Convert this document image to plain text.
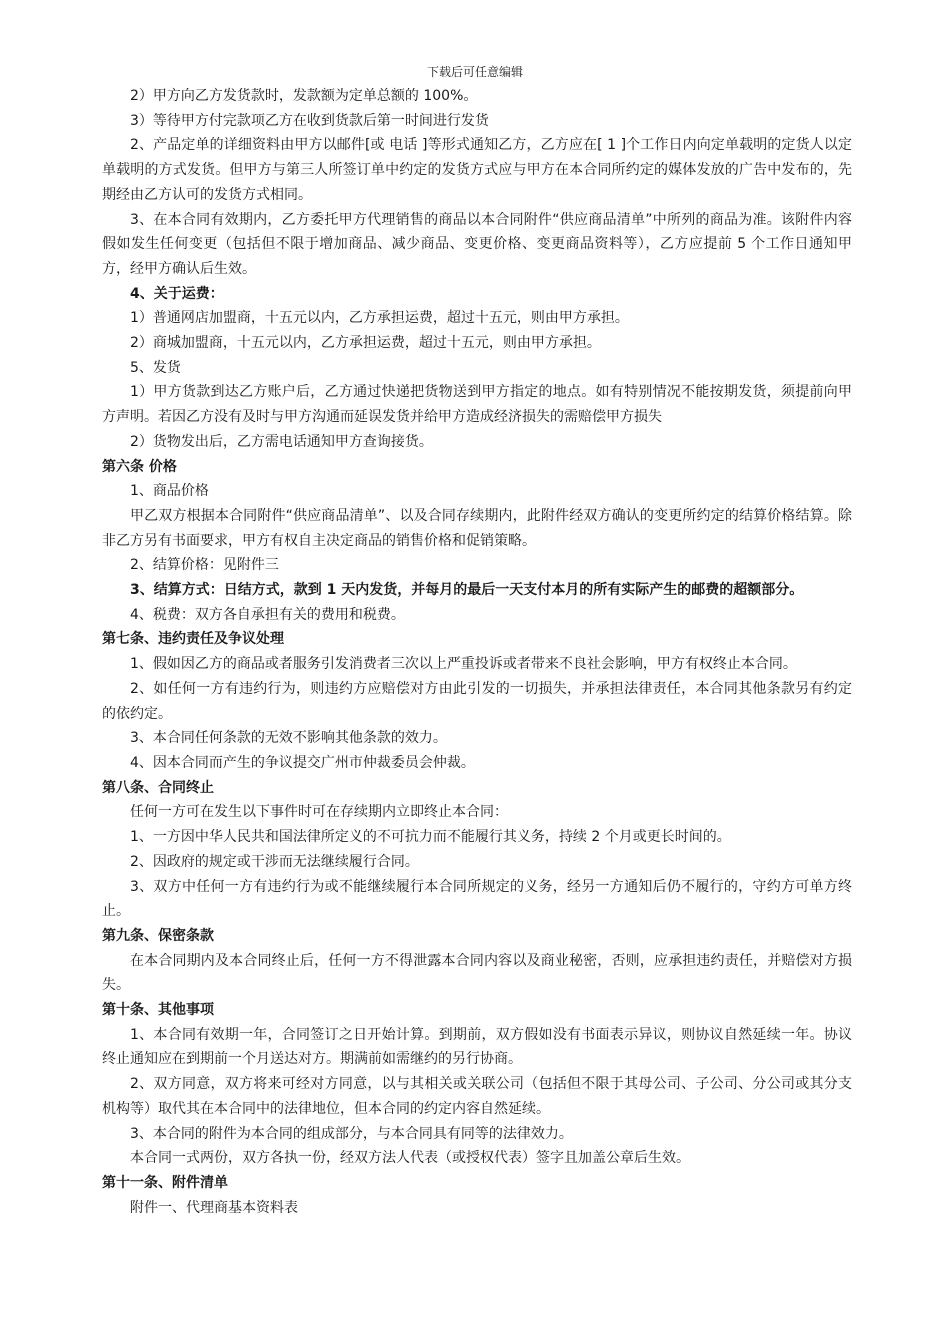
下载后可任意编辑

2）甲方向乙方发货款时，发款额为定单总额的 100%。

3）等待甲方付完款项乙方在收到货款后第一时间进行发货

2、产品定单的详细资料由甲方以邮件[或 电话 ]等形式通知乙方，乙方应在[ 1 ]个工作日内向定单载明的定货人以定单载明的方式发货。但甲方与第三人所签订单中约定的发货方式应与甲方在本合同所约定的媒体发放的广告中发布的，先期经由乙方认可的发货方式相同。

3、在本合同有效期内，乙方委托甲方代理销售的商品以本合同附件“供应商品清单”中所列的商品为准。该附件内容假如发生任何变更（包括但不限于增加商品、减少商品、变更价格、变更商品资料等），乙方应提前 5 个工作日通知甲方，经甲方确认后生效。

4、关于运费：

1）普通网店加盟商，十五元以内，乙方承担运费，超过十五元，则由甲方承担。

2）商城加盟商，十五元以内，乙方承担运费，超过十五元，则由甲方承担。

5、发货

1）甲方货款到达乙方账户后，乙方通过快递把货物送到甲方指定的地点。如有特别情况不能按期发货，须提前向甲方声明。若因乙方没有及时与甲方沟通而延误发货并给甲方造成经济损失的需赔偿甲方损失

2）货物发出后，乙方需电话通知甲方查询接货。

第六条 价格

1、商品价格

甲乙双方根据本合同附件“供应商品清单”、以及合同存续期内，此附件经双方确认的变更所约定的结算价格结算。除非乙方另有书面要求，甲方有权自主决定商品的销售价格和促销策略。

2、结算价格：见附件三

3、结算方式：日结方式，款到 1 天内发货，并每月的最后一天支付本月的所有实际产生的邮费的超额部分。

4、税费：双方各自承担有关的费用和税费。

第七条、违约责任及争议处理

1、假如因乙方的商品或者服务引发消费者三次以上严重投诉或者带来不良社会影响，甲方有权终止本合同。

2、如任何一方有违约行为，则违约方应赔偿对方由此引发的一切损失，并承担法律责任，本合同其他条款另有约定的依约定。

3、本合同任何条款的无效不影响其他条款的效力。

4、因本合同而产生的争议提交广州市仲裁委员会仲裁。

第八条、合同终止

任何一方可在发生以下事件时可在存续期内立即终止本合同：

1、一方因中华人民共和国法律所定义的不可抗力而不能履行其义务，持续 2 个月或更长时间的。

2、因政府的规定或干涉而无法继续履行合同。

3、双方中任何一方有违约行为或不能继续履行本合同所规定的义务，经另一方通知后仍不履行的，守约方可单方终止。

第九条、保密条款

在本合同期内及本合同终止后，任何一方不得泄露本合同内容以及商业秘密，否则，应承担违约责任，并赔偿对方损失。

第十条、其他事项

1、本合同有效期一年，合同签订之日开始计算。到期前，双方假如没有书面表示异议，则协议自然延续一年。协议终止通知应在到期前一个月送达对方。期满前如需继约的另行协商。

2、双方同意，双方将来可经对方同意，以与其相关或关联公司（包括但不限于其母公司、子公司、分公司或其分支机构等）取代其在本合同中的法律地位，但本合同的约定内容自然延续。

3、本合同的附件为本合同的组成部分，与本合同具有同等的法律效力。

本合同一式两份，双方各执一份，经双方法人代表（或授权代表）签字且加盖公章后生效。

第十一条、附件清单

附件一、代理商基本资料表
